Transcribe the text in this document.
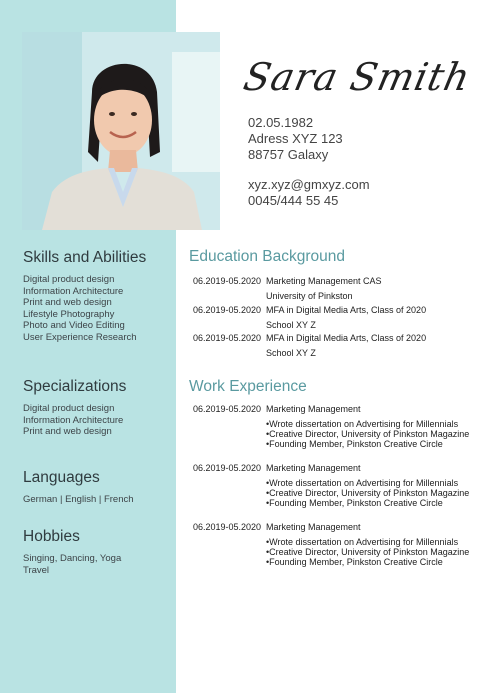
Sara Smith
02.05.1982
Adress XYZ 123
88757 Galaxy
xyz.xyz@gmxyz.com
0045/444 55 45
Skills and Abilities
Digital product design
Information Architecture
Print and web design
Lifestyle Photography
Photo and Video Editing
User Experience Research
Specializations
Digital product design
Information Architecture
Print and web design
Languages
German | English | French
Hobbies
Singing, Dancing, Yoga
Travel
Education Background
06.2019-05.2020 Marketing Management CAS
University of Pinkston
06.2019-05.2020 MFA in Digital Media Arts, Class of 2020
School XY Z
06.2019-05.2020 MFA in Digital Media Arts, Class of 2020
School XY Z
Work Experience
06.2019-05.2020 Marketing Management
•Wrote dissertation on Advertising for Millennials
•Creative Director, University of Pinkston Magazine
•Founding Member, Pinkston Creative Circle
06.2019-05.2020 Marketing Management
•Wrote dissertation on Advertising for Millennials
•Creative Director, University of Pinkston Magazine
•Founding Member, Pinkston Creative Circle
06.2019-05.2020 Marketing Management
•Wrote dissertation on Advertising for Millennials
•Creative Director, University of Pinkston Magazine
•Founding Member, Pinkston Creative Circle
